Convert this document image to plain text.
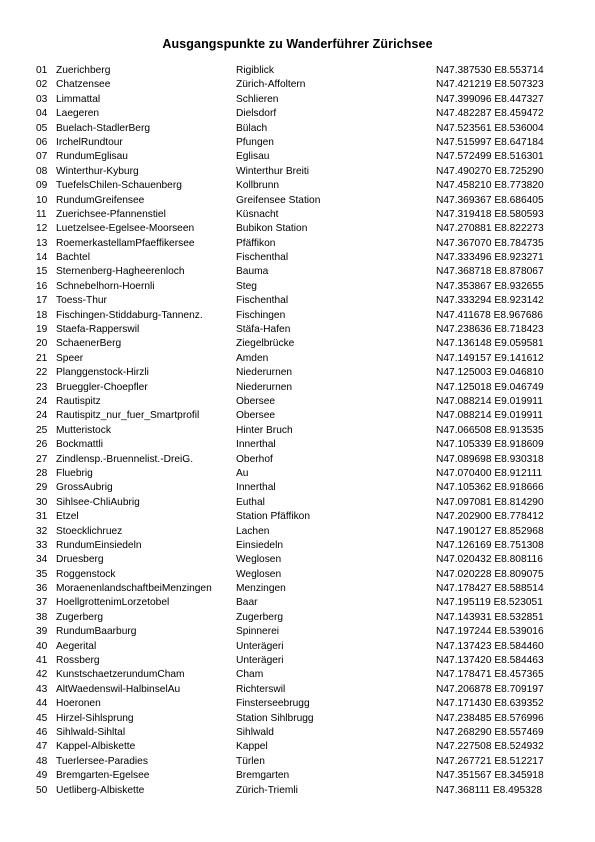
Ausgangspunkte zu Wanderführer Zürichsee
01 Zuerichberg	Rigiblick	N47.387530 E8.553714
02 Chatzensee	Zürich-Affoltern	N47.421219 E8.507323
03 Limmattal	Schlieren	N47.399096 E8.447327
04 Laegeren	Dielsdorf	N47.482287 E8.459472
05 Buelach-StadlerBerg	Bülach	N47.523561 E8.536004
06 IrchelRundtour	Pfungen	N47.515997 E8.647184
07 RundumEglisau	Eglisau	N47.572499 E8.516301
08 Winterthur-Kyburg	Winterthur Breiti	N47.490270 E8.725290
09 TuefelsChilen-Schauenberg	Kollbrunn	N47.458210 E8.773820
10 RundumGreifensee	Greifensee Station	N47.369367 E8.686405
11 Zuerichsee-Pfannenstiel	Küsnacht	N47.319418 E8.580593
12 Luetzelsee-Egelsee-Moorseen	Bubikon Station	N47.270881 E8.822273
13 RoemerkastellamPfaeffikersee	Pfäffikon	N47.367070 E8.784735
14 Bachtel	Fischenthal	N47.333496 E8.923271
15 Sternenberg-Hagheerenloch	Bauma	N47.368718 E8.878067
16 Schnebelhorn-Hoernli	Steg	N47.353867 E8.932655
17 Toess-Thur	Fischenthal	N47.333294 E8.923142
18 Fischingen-Stiddaburg-Tannenz.	Fischingen	N47.411678 E8.967686
19 Staefa-Rapperswil	Stäfa-Hafen	N47.238636 E8.718423
20 SchaenerBerg	Ziegelbrücke	N47.136148 E9.059581
21 Speer	Amden	N47.149157 E9.141612
22 Planggenstock-Hirzli	Niederurnen	N47.125003 E9.046810
23 Brueggler-Choepfler	Niederurnen	N47.125018 E9.046749
24 Rautispitz	Obersee	N47.088214 E9.019911
24 Rautispitz_nur_fuer_Smartprofil	Obersee	N47.088214 E9.019911
25 Mutteristock	Hinter Bruch	N47.066508 E8.913535
26 Bockmattli	Innerthal	N47.105339 E8.918609
27 Zindlensp.-Bruennelist.-DreiG.	Oberhof	N47.089698 E8.930318
28 Fluebrig	Au	N47.070400 E8.912111
29 GrossAubrig	Innerthal	N47.105362 E8.918666
30 Sihlsee-ChliAubrig	Euthal	N47.097081 E8.814290
31 Etzel	Station Pfäffikon	N47.202900 E8.778412
32 Stoecklichruez	Lachen	N47.190127 E8.852968
33 RundumEinsiedeln	Einsiedeln	N47.126169 E8.751308
34 Druesberg	Weglosen	N47.020432 E8.808116
35 Roggenstock	Weglosen	N47.020228 E8.809075
36 MoraenenlandschaftbeiMenzingen	Menzingen	N47.178427 E8.588514
37 HoellgrottenimLorzetobel	Baar	N47.195119 E8.523051
38 Zugerberg	Zugerberg	N47.143931 E8.532851
39 RundumBaarburg	Spinnerei	N47.197244 E8.539016
40 Aegerital	Unterägeri	N47.137423 E8.584460
41 Rossberg	Unterägeri	N47.137420 E8.584463
42 KunstschaetzerundumCham	Cham	N47.178471 E8.457365
43 AltWaedenswil-HalbinselAu	Richterswil	N47.206878 E8.709197
44 Hoeronen	Finsterseebrugg	N47.171430 E8.639352
45 Hirzel-Sihlsprung	Station Sihlbrugg	N47.238485 E8.576996
46 Sihlwald-Sihltal	Sihlwald	N47.268290 E8.557469
47 Kappel-Albiskette	Kappel	N47.227508 E8.524932
48 Tuerlersee-Paradies	Türlen	N47.267721 E8.512217
49 Bremgarten-Egelsee	Bremgarten	N47.351567 E8.345918
50 Uetliberg-Albiskette	Zürich-Triemli	N47.368111 E8.495328
